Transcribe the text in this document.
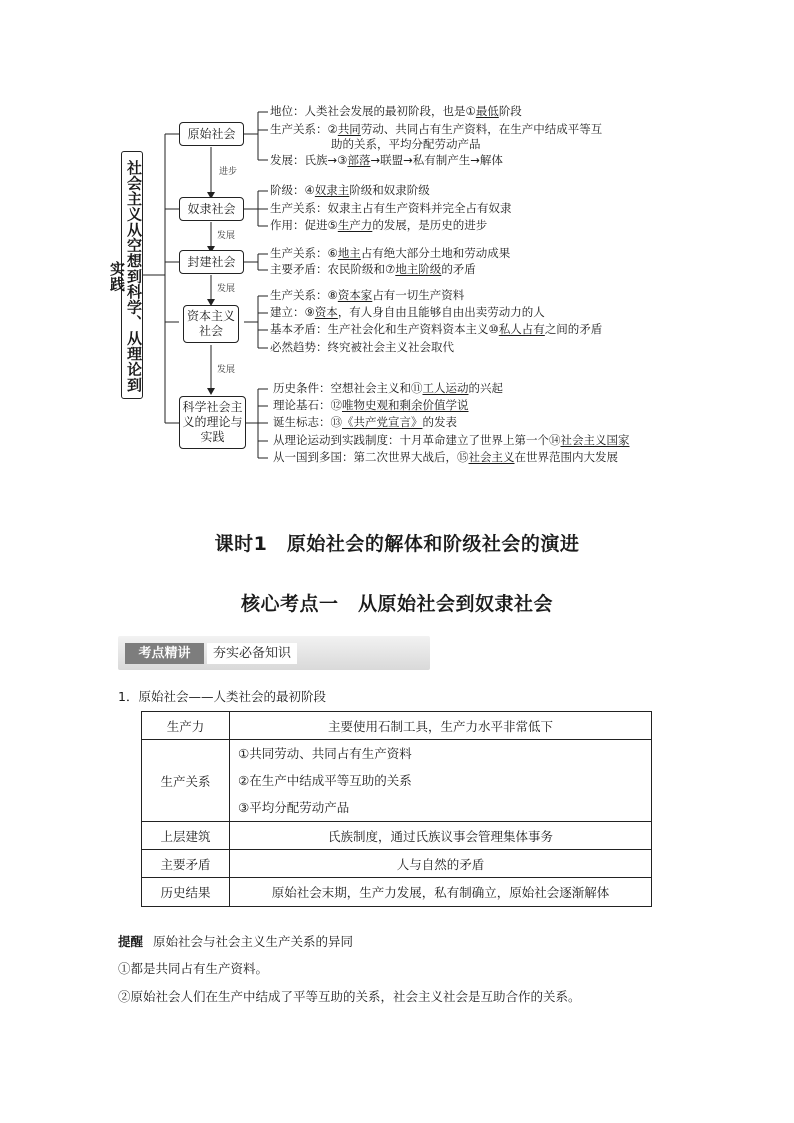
社会主义从空想到科学、从理论到实践
原始社会
奴隶社会
封建社会
资本主义社会
科学社会主义的理论与实践
进步
发展
发展
发展
地位：人类社会发展的最初阶段，也是①最低阶段
生产关系：②共同劳动、共同占有生产资料，在生产中结成平等互
助的关系，平均分配劳动产品
发展：氏族→③部落→联盟→私有制产生→解体
阶级：④奴隶主阶级和奴隶阶级
生产关系：奴隶主占有生产资料并完全占有奴隶
作用：促进⑤生产力的发展，是历史的进步
生产关系：⑥地主占有绝大部分土地和劳动成果
主要矛盾：农民阶级和⑦地主阶级的矛盾
生产关系：⑧资本家占有一切生产资料
建立：⑨资本，有人身自由且能够自由出卖劳动力的人
基本矛盾：生产社会化和生产资料资本主义⑩私人占有之间的矛盾
必然趋势：终究被社会主义社会取代
历史条件：空想社会主义和⑪工人运动的兴起
理论基石：⑫唯物史观和剩余价值学说
诞生标志：⑬《共产党宣言》的发表
从理论运动到实践制度：十月革命建立了世界上第一个⑭社会主义国家
从一国到多国：第二次世界大战后，⑮社会主义在世界范围内大发展
课时1　原始社会的解体和阶级社会的演进
核心考点一　从原始社会到奴隶社会
考点精讲	夯实必备知识
1．原始社会——人类社会的最初阶段
生产力	主要使用石制工具，生产力水平非常低下
生产关系	①共同劳动、共同占有生产资料
②在生产中结成平等互助的关系
③平均分配劳动产品

上层建筑	氏族制度，通过氏族议事会管理集体事务
主要矛盾	人与自然的矛盾
历史结果	原始社会末期，生产力发展，私有制确立，原始社会逐渐解体
提醒 原始社会与社会主义生产关系的异同
①都是共同占有生产资料。
②原始社会人们在生产中结成了平等互助的关系，社会主义社会是互助合作的关系。
